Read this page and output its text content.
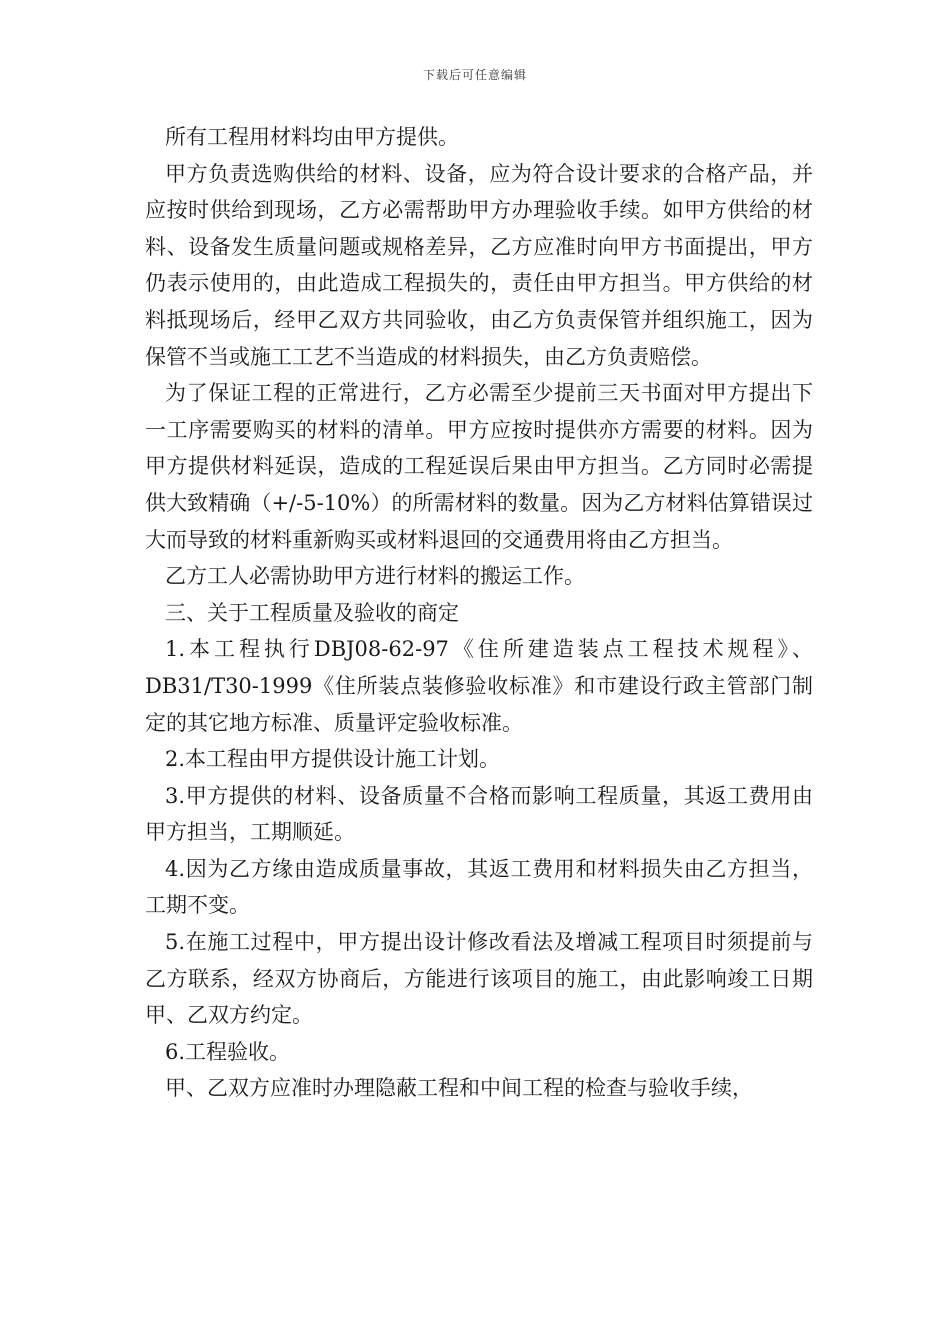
下载后可任意编辑

所有工程用材料均由甲方提供。

甲方负责选购供给的材料、设备，应为符合设计要求的合格产品，并应按时供给到现场，乙方必需帮助甲方办理验收手续。如甲方供给的材料、设备发生质量问题或规格差异，乙方应准时向甲方书面提出，甲方仍表示使用的，由此造成工程损失的，责任由甲方担当。甲方供给的材料抵现场后，经甲乙双方共同验收，由乙方负责保管并组织施工，因为保管不当或施工工艺不当造成的材料损失，由乙方负责赔偿。

为了保证工程的正常进行，乙方必需至少提前三天书面对甲方提出下一工序需要购买的材料的清单。甲方应按时提供亦方需要的材料。因为甲方提供材料延误，造成的工程延误后果由甲方担当。乙方同时必需提供大致精确（+/-5-10%）的所需材料的数量。因为乙方材料估算错误过大而导致的材料重新购买或材料退回的交通费用将由乙方担当。

乙方工人必需协助甲方进行材料的搬运工作。

三、关于工程质量及验收的商定

1.本工程执行DBJ08-62-97《住所建造装点工程技术规程》、DB31/T30-1999《住所装点装修验收标准》和市建设行政主管部门制定的其它地方标准、质量评定验收标准。

2.本工程由甲方提供设计施工计划。

3.甲方提供的材料、设备质量不合格而影响工程质量，其返工费用由甲方担当，工期顺延。

4.因为乙方缘由造成质量事故，其返工费用和材料损失由乙方担当，工期不变。

5.在施工过程中，甲方提出设计修改看法及增减工程项目时须提前与乙方联系，经双方协商后，方能进行该项目的施工，由此影响竣工日期甲、乙双方约定。

6.工程验收。

甲、乙双方应准时办理隐蔽工程和中间工程的检查与验收手续，
